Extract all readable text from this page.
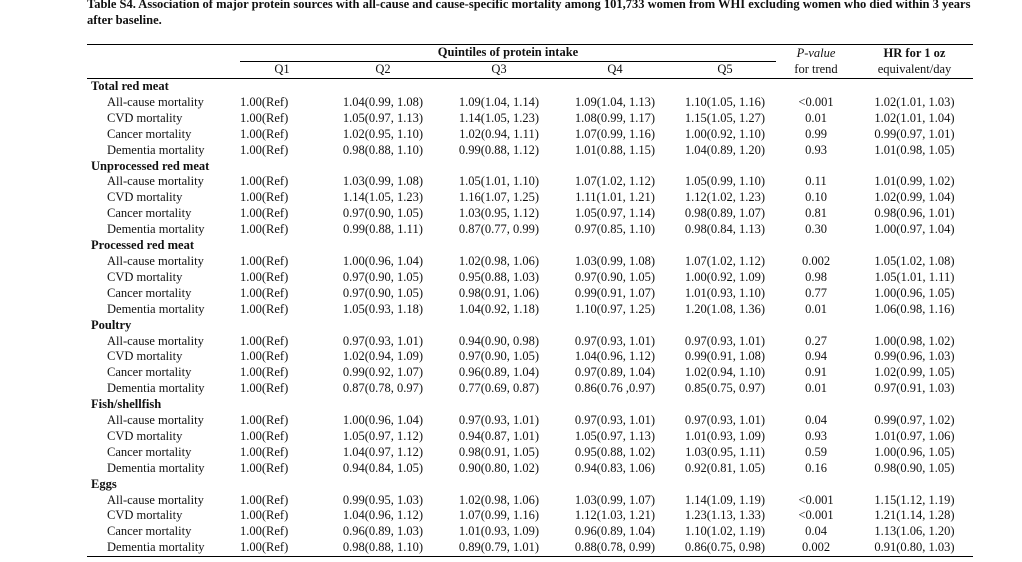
Table S4. Association of major protein sources with all-cause and cause-specific mortality among 101,733 women from WHI excluding women who died within 3 years after baseline.
	Quintiles of protein intake					P-value	HR for 1 oz
	Q1	Q2	Q3	Q4	Q5	for trend	equivalent/day
Total red meat							
All-cause mortality	1.00(Ref)	1.04(0.99, 1.08)	1.09(1.04, 1.14)	1.09(1.04, 1.13)	1.10(1.05, 1.16)	<0.001	1.02(1.01, 1.03)
CVD mortality	1.00(Ref)	1.05(0.97, 1.13)	1.14(1.05, 1.23)	1.08(0.99, 1.17)	1.15(1.05, 1.27)	0.01	1.02(1.01, 1.04)
Cancer mortality	1.00(Ref)	1.02(0.95, 1.10)	1.02(0.94, 1.11)	1.07(0.99, 1.16)	1.00(0.92, 1.10)	0.99	0.99(0.97, 1.01)
Dementia mortality	1.00(Ref)	0.98(0.88, 1.10)	0.99(0.88, 1.12)	1.01(0.88, 1.15)	1.04(0.89, 1.20)	0.93	1.01(0.98, 1.05)
Unprocessed red meat							
All-cause mortality	1.00(Ref)	1.03(0.99, 1.08)	1.05(1.01, 1.10)	1.07(1.02, 1.12)	1.05(0.99, 1.10)	0.11	1.01(0.99, 1.02)
CVD mortality	1.00(Ref)	1.14(1.05, 1.23)	1.16(1.07, 1.25)	1.11(1.01, 1.21)	1.12(1.02, 1.23)	0.10	1.02(0.99, 1.04)
Cancer mortality	1.00(Ref)	0.97(0.90, 1.05)	1.03(0.95, 1.12)	1.05(0.97, 1.14)	0.98(0.89, 1.07)	0.81	0.98(0.96, 1.01)
Dementia mortality	1.00(Ref)	0.99(0.88, 1.11)	0.87(0.77, 0.99)	0.97(0.85, 1.10)	0.98(0.84, 1.13)	0.30	1.00(0.97, 1.04)
Processed red meat							
All-cause mortality	1.00(Ref)	1.00(0.96, 1.04)	1.02(0.98, 1.06)	1.03(0.99, 1.08)	1.07(1.02, 1.12)	0.002	1.05(1.02, 1.08)
CVD mortality	1.00(Ref)	0.97(0.90, 1.05)	0.95(0.88, 1.03)	0.97(0.90, 1.05)	1.00(0.92, 1.09)	0.98	1.05(1.01, 1.11)
Cancer mortality	1.00(Ref)	0.97(0.90, 1.05)	0.98(0.91, 1.06)	0.99(0.91, 1.07)	1.01(0.93, 1.10)	0.77	1.00(0.96, 1.05)
Dementia mortality	1.00(Ref)	1.05(0.93, 1.18)	1.04(0.92, 1.18)	1.10(0.97, 1.25)	1.20(1.08, 1.36)	0.01	1.06(0.98, 1.16)
Poultry							
All-cause mortality	1.00(Ref)	0.97(0.93, 1.01)	0.94(0.90, 0.98)	0.97(0.93, 1.01)	0.97(0.93, 1.01)	0.27	1.00(0.98, 1.02)
CVD mortality	1.00(Ref)	1.02(0.94, 1.09)	0.97(0.90, 1.05)	1.04(0.96, 1.12)	0.99(0.91, 1.08)	0.94	0.99(0.96, 1.03)
Cancer mortality	1.00(Ref)	0.99(0.92, 1.07)	0.96(0.89, 1.04)	0.97(0.89, 1.04)	1.02(0.94, 1.10)	0.91	1.02(0.99, 1.05)
Dementia mortality	1.00(Ref)	0.87(0.78, 0.97)	0.77(0.69, 0.87)	0.86(0.76 ,0.97)	0.85(0.75, 0.97)	0.01	0.97(0.91, 1.03)
Fish/shellfish							
All-cause mortality	1.00(Ref)	1.00(0.96, 1.04)	0.97(0.93, 1.01)	0.97(0.93, 1.01)	0.97(0.93, 1.01)	0.04	0.99(0.97, 1.02)
CVD mortality	1.00(Ref)	1.05(0.97, 1.12)	0.94(0.87, 1.01)	1.05(0.97, 1.13)	1.01(0.93, 1.09)	0.93	1.01(0.97, 1.06)
Cancer mortality	1.00(Ref)	1.04(0.97, 1.12)	0.98(0.91, 1.05)	0.95(0.88, 1.02)	1.03(0.95, 1.11)	0.59	1.00(0.96, 1.05)
Dementia mortality	1.00(Ref)	0.94(0.84, 1.05)	0.90(0.80, 1.02)	0.94(0.83, 1.06)	0.92(0.81, 1.05)	0.16	0.98(0.90, 1.05)
Eggs							
All-cause mortality	1.00(Ref)	0.99(0.95, 1.03)	1.02(0.98, 1.06)	1.03(0.99, 1.07)	1.14(1.09, 1.19)	<0.001	1.15(1.12, 1.19)
CVD mortality	1.00(Ref)	1.04(0.96, 1.12)	1.07(0.99, 1.16)	1.12(1.03, 1.21)	1.23(1.13, 1.33)	<0.001	1.21(1.14, 1.28)
Cancer mortality	1.00(Ref)	0.96(0.89, 1.03)	1.01(0.93, 1.09)	0.96(0.89, 1.04)	1.10(1.02, 1.19)	0.04	1.13(1.06, 1.20)
Dementia mortality	1.00(Ref)	0.98(0.88, 1.10)	0.89(0.79, 1.01)	0.88(0.78, 0.99)	0.86(0.75, 0.98)	0.002	0.91(0.80, 1.03)
